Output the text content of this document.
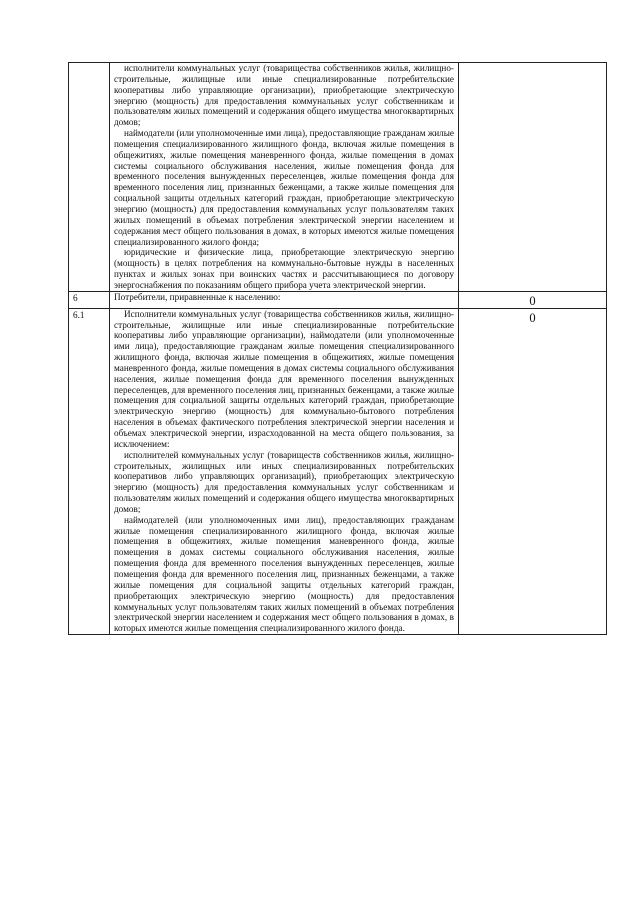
	исполнители коммунальных услуг (товарищества собственников жилья, жилищно-строительные, жилищные или иные специализированные потребительские кооперативы либо управляющие организации), приобретающие электрическую энергию (мощность) для предоставления коммунальных услуг собственникам и пользователям жилых помещений и содержания общего имущества многоквартирных домов;

наймодатели (или уполномоченные ими лица), предоставляющие гражданам жилые помещения специализированного жилищного фонда, включая жилые помещения в общежитиях, жилые помещения маневренного фонда, жилые помещения в домах системы социального обслуживания населения, жилые помещения фонда для временного поселения вынужденных переселенцев, жилые помещения фонда для временного поселения лиц, признанных беженцами, а также жилые помещения для социальной защиты отдельных категорий граждан, приобретающие электрическую энергию (мощность) для предоставления коммунальных услуг пользователям таких жилых помещений в объемах потребления электрической энергии населением и содержания мест общего пользования в домах, в которых имеются жилые помещения специализированного жилого фонда;

юридические и физические лица, приобретающие электрическую энергию (мощность) в целях потребления на коммунально-бытовые нужды в населенных пунктах и жилых зонах при воинских частях и рассчитывающиеся по договору энергоснабжения по показаниям общего прибора учета электрической энергии.	

6	Потребители, приравненные к населению:	0
6.1	Исполнители коммунальных услуг (товарищества собственников жилья, жилищно-строительные, жилищные или иные специализированные потребительские кооперативы либо управляющие организации), наймодатели (или уполномоченные ими лица), предоставляющие гражданам жилые помещения специализированного жилищного фонда, включая жилые помещения в общежитиях, жилые помещения маневренного фонда, жилые помещения в домах системы социального обслуживания населения, жилые помещения фонда для временного поселения вынужденных переселенцев, для временного поселения лиц, признанных беженцами, а также жилые помещения для социальной защиты отдельных категорий граждан, приобретающие электрическую энергию (мощность) для коммунально-бытового потребления населения в объемах фактического потребления электрической энергии населения и объемах электрической энергии, израсходованной на места общего пользования, за исключением:

исполнителей коммунальных услуг (товариществ собственников жилья, жилищно-строительных, жилищных или иных специализированных потребительских кооперативов либо управляющих организаций), приобретающих электрическую энергию (мощность) для предоставления коммунальных услуг собственникам и пользователям жилых помещений и содержания общего имущества многоквартирных домов;

наймодателей (или уполномоченных ими лиц), предоставляющих гражданам жилые помещения специализированного жилищного фонда, включая жилые помещения в общежитиях, жилые помещения маневренного фонда, жилые помещения в домах системы социального обслуживания населения, жилые помещения фонда для временного поселения вынужденных переселенцев, жилые помещения фонда для временного поселения лиц, признанных беженцами, а также жилые помещения для социальной защиты отдельных категорий граждан, приобретающих электрическую энергию (мощность) для предоставления коммунальных услуг пользователям таких жилых помещений в объемах потребления электрической энергии населением и содержания мест общего пользования в домах, в которых имеются жилые помещения специализированного жилого фонда.	0
